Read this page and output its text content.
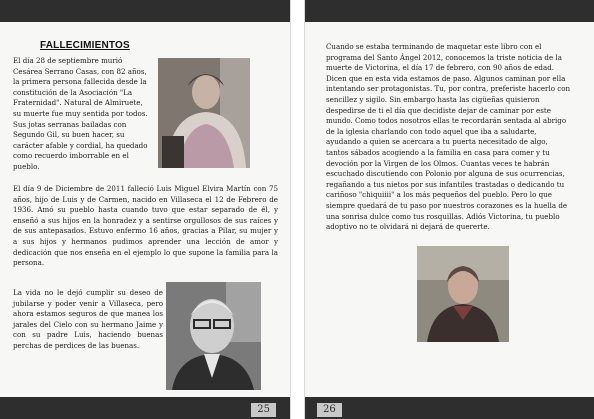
FALLECIMIENTOS

El día 28 de septiembre murió Cesárea Serrano Casas, con 82 años, la primera persona fallecida desde la constitución de la Asociación "La Fraternidad". Natural de Almiruete, su muerte fue muy sentida por todos. Sus jotas serranas bailadas con Segundo Gil, su buen hacer, su carácter afable y cordial, ha quedado como recuerdo imborrable en el pueblo.

El día 9 de Diciembre de 2011 falleció Luis Miguel Elvira Martín con 75 años, hijo de Luis y de Carmen, nacido en Villaseca el 12 de Febrero de 1936. Amó su pueblo hasta cuando tuvo que estar separado de él, y enseñó a sus hijos en la honradez y a sentirse orgullosos de sus raíces y de sus antepasados. Estuvo enfermo 16 años, gracias a Pilar, su mujer y a sus hijos y hermanos pudimos aprender una lección de amor y dedicación que nos enseña en el ejemplo lo que supone la familia para la persona.

La vida no le dejó cumplir su deseo de jubilarse y poder venir a Villaseca, pero ahora estamos seguros de que manea los jarales del Cielo con su hermano Jaime y con su padre Luis, haciendo buenas perchas de perdices de las buenas.

25	26

Cuando se estaba terminando de maquetar este libro con el programa del Santo Ángel 2012, conocemos la triste noticia de la muerte de Victorina, el día 17 de febrero, con 90 años de edad. Dicen que en esta vida estamos de paso. Algunos caminan por ella intentando ser protagonistas. Tu, por contra, preferiste hacerlo con sencillez y sigilo. Sin embargo hasta las cigüeñas quisieron despedirse de ti el día que decidiste dejar de caminar por este mundo. Como todos nosotros ellas te recordarán sentada al abrigo de la iglesia charlando con todo aquel que iba a saludarte, ayudando a quien se acercara a tu puerta necesitado de algo, tantos sábados acogiendo a la familia en casa para comer y tu devoción por la Virgen de los Olmos. Cuantas veces te habrán escuchado discutiendo con Polonio por alguna de sus ocurrencias, regañando a tus nietos por sus infantiles trastadas o dedicando tu cariñoso "chiquiiii" a los más pequeños del pueblo. Pero lo que siempre quedará de tu paso por nuestros corazones es la huella de una sonrisa dulce como tus rosquillas. Adiós Victorina, tu pueblo adoptivo no te olvidará ni dejará de quererte.
